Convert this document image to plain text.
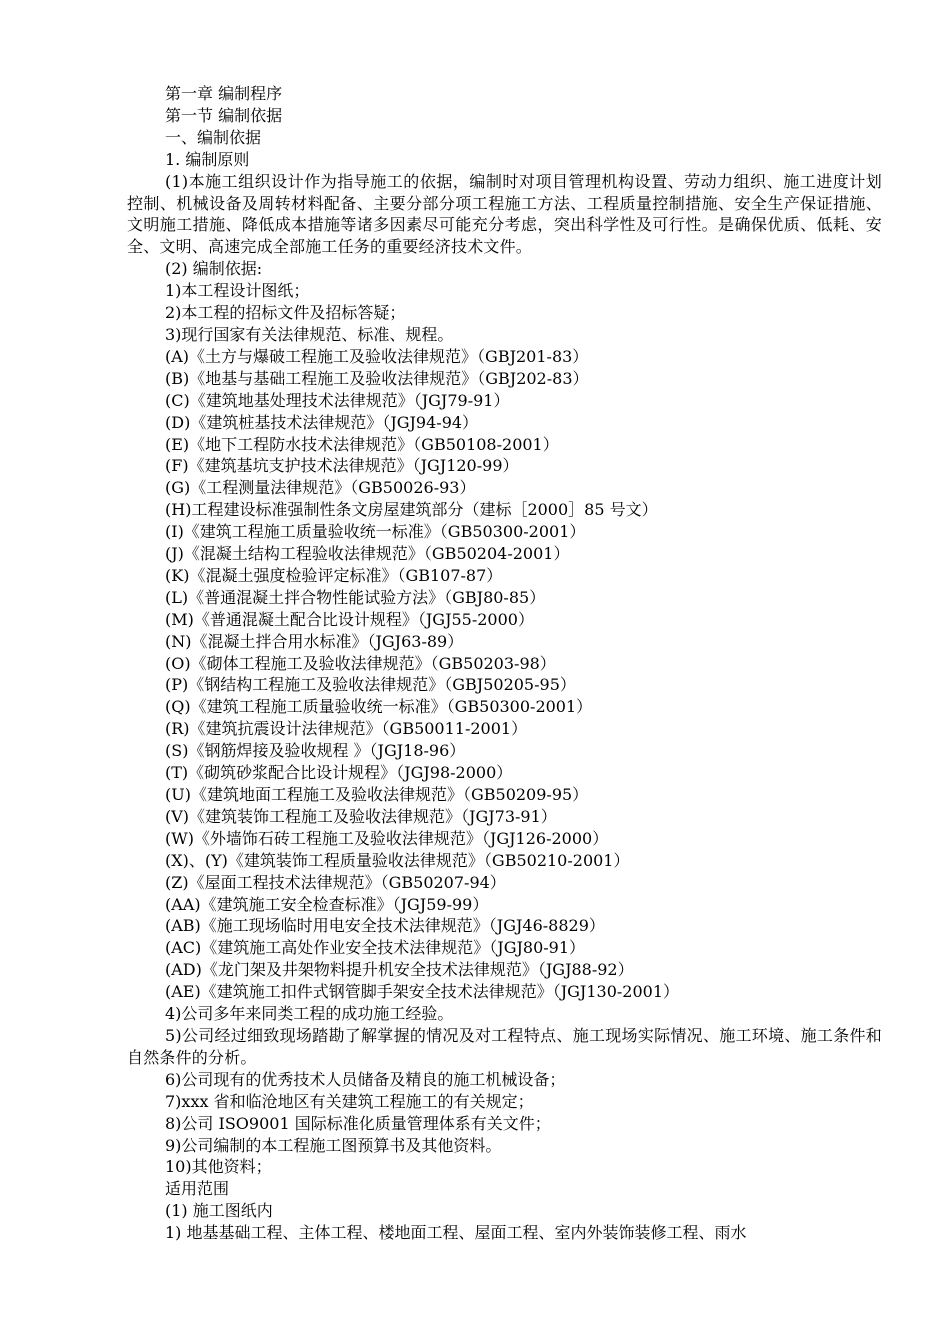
第一章 编制程序
第一节 编制依据
一、编制依据
1. 编制原则
(1)本施工组织设计作为指导施工的依据，编制时对项目管理机构设置、劳动力组织、施工进度计划控制、机械设备及周转材料配备、主要分部分项工程施工方法、工程质量控制措施、安全生产保证措施、文明施工措施、降低成本措施等诸多因素尽可能充分考虑，突出科学性及可行性。是确保优质、低耗、安全、文明、高速完成全部施工任务的重要经济技术文件。
(2) 编制依据:
1)本工程设计图纸；
2)本工程的招标文件及招标答疑；
3)现行国家有关法律规范、标准、规程。
(A)《土方与爆破工程施工及验收法律规范》（GBJ201-83）
(B)《地基与基础工程施工及验收法律规范》（GBJ202-83）
(C)《建筑地基处理技术法律规范》（JGJ79-91）
(D)《建筑桩基技术法律规范》（JGJ94-94）
(E)《地下工程防水技术法律规范》（GB50108-2001）
(F)《建筑基坑支护技术法律规范》（JGJ120-99）
(G)《工程测量法律规范》（GB50026-93）
(H)工程建设标准强制性条文房屋建筑部分（建标［2000］85 号文）
(I)《建筑工程施工质量验收统一标准》（GB50300-2001）
(J)《混凝土结构工程验收法律规范》（GB50204-2001）
(K)《混凝土强度检验评定标准》（GB107-87）
(L)《普通混凝土拌合物性能试验方法》（GBJ80-85）
(M)《普通混凝土配合比设计规程》（JGJ55-2000）
(N)《混凝土拌合用水标准》（JGJ63-89）
(O)《砌体工程施工及验收法律规范》（GB50203-98）
(P)《钢结构工程施工及验收法律规范》（GBJ50205-95）
(Q)《建筑工程施工质量验收统一标准》（GB50300-2001）
(R)《建筑抗震设计法律规范》（GB50011-2001）
(S)《钢筋焊接及验收规程 》（JGJ18-96）
(T)《砌筑砂浆配合比设计规程》（JGJ98-2000）
(U)《建筑地面工程施工及验收法律规范》（GB50209-95）
(V)《建筑装饰工程施工及验收法律规范》（JGJ73-91）
(W)《外墙饰石砖工程施工及验收法律规范》（JGJ126-2000）
(X)、(Y)《建筑装饰工程质量验收法律规范》（GB50210-2001）
(Z)《屋面工程技术法律规范》（GB50207-94）
(AA)《建筑施工安全检查标准》（JGJ59-99）
(AB)《施工现场临时用电安全技术法律规范》（JGJ46-8829）
(AC)《建筑施工高处作业安全技术法律规范》（JGJ80-91）
(AD)《龙门架及井架物料提升机安全技术法律规范》（JGJ88-92）
(AE)《建筑施工扣件式钢管脚手架安全技术法律规范》（JGJ130-2001）
4)公司多年来同类工程的成功施工经验。
5)公司经过细致现场踏勘了解掌握的情况及对工程特点、施工现场实际情况、施工环境、施工条件和自然条件的分析。
6)公司现有的优秀技术人员储备及精良的施工机械设备；
7)xxx 省和临沧地区有关建筑工程施工的有关规定；
8)公司 ISO9001 国际标准化质量管理体系有关文件；
9)公司编制的本工程施工图预算书及其他资料。
10)其他资料；
适用范围
(1) 施工图纸内
1) 地基基础工程、主体工程、楼地面工程、屋面工程、室内外装饰装修工程、雨水
